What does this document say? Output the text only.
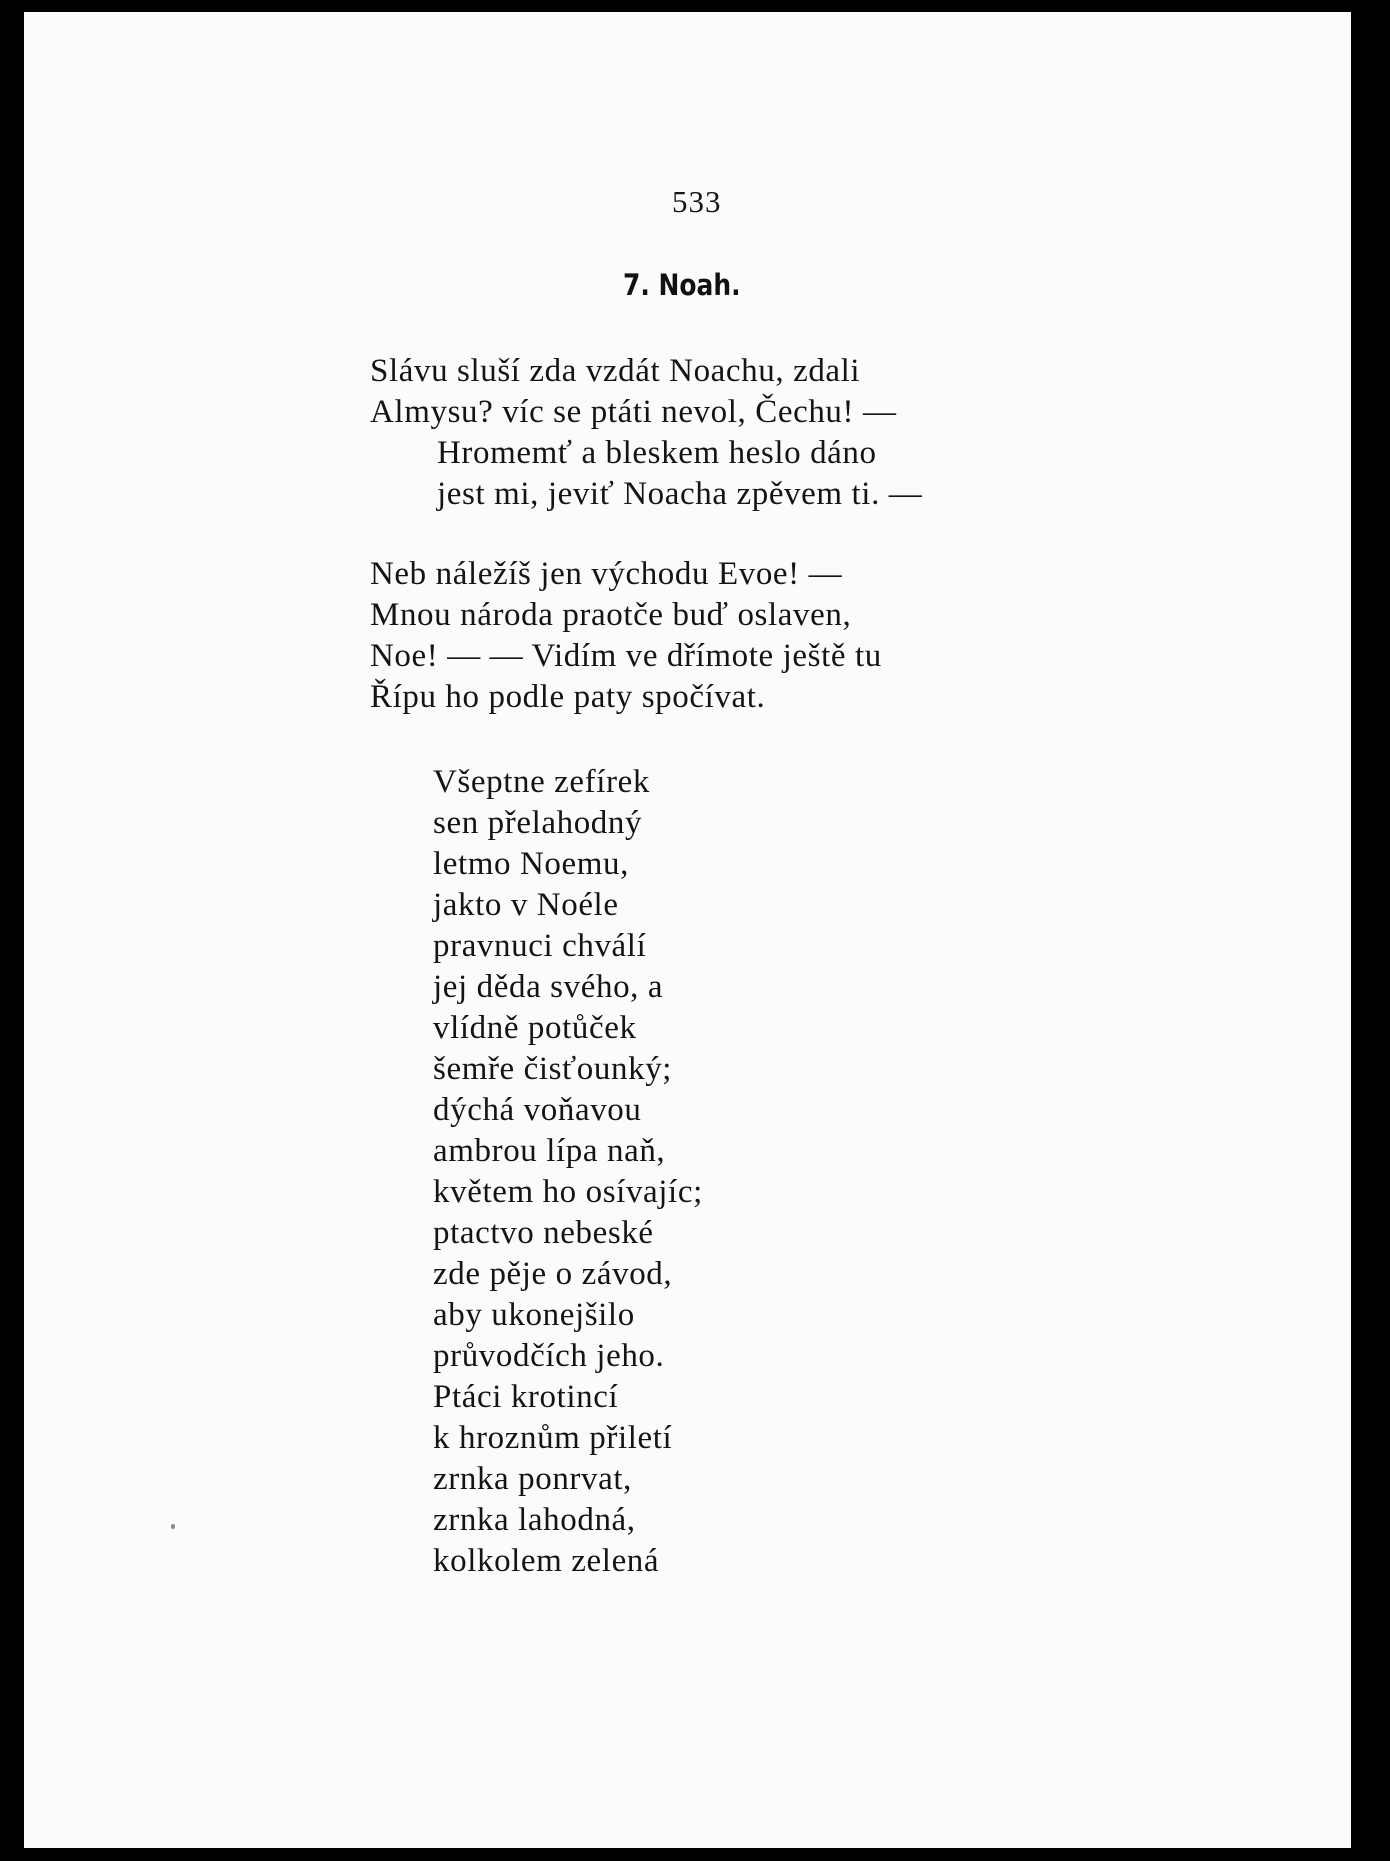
533
7. Noah.
Slávu sluší zda vzdát Noachu, zdali
Almysu? víc se ptáti nevol, Čechu! —
Hromemť a bleskem heslo dáno
jest mi, jeviť Noacha zpěvem ti. —
Neb náležíš jen východu Evoe! —
Mnou národa praotče buď oslaven,
Noe! — — Vidím ve dřímote ještě tu
Řípu ho podle paty spočívat.
Všeptne zefírek
sen přelahodný
letmo Noemu,
jakto v Noéle
pravnuci chválí
jej děda svého, a
vlídně potůček
šemře čisťounký;
dýchá voňavou
ambrou lípa naň,
květem ho osívajíc;
ptactvo nebeské
zde pěje o závod,
aby ukonejšilo
průvodčích jeho.
Ptáci krotincí
k hroznům přiletí
zrnka ponrvat,
zrnka lahodná,
kolkolem zelená
